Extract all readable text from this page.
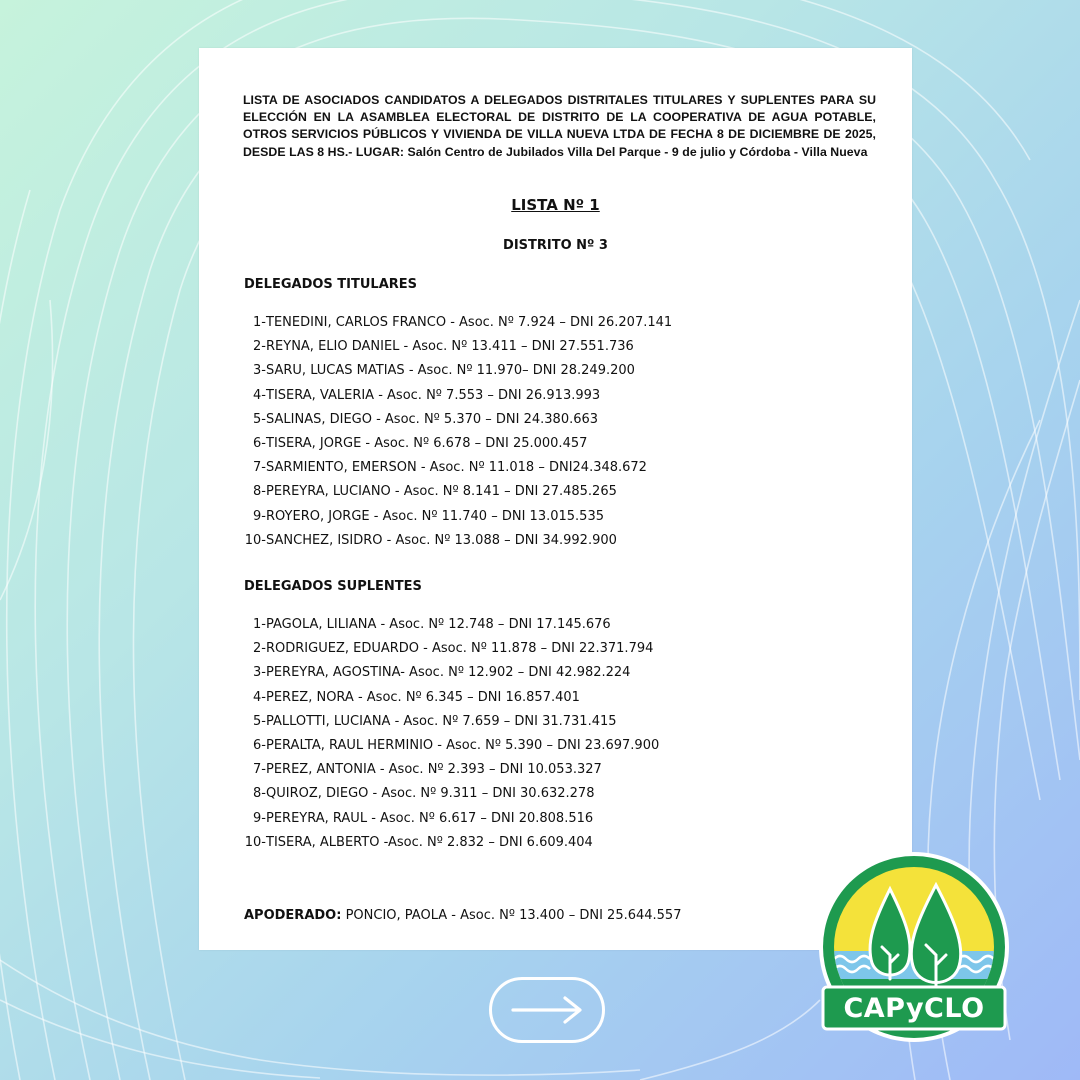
LISTA DE ASOCIADOS CANDIDATOS A DELEGADOS DISTRITALES TITULARES Y SUPLENTES PARA SU ELECCIÓN EN LA ASAMBLEA ELECTORAL DE DISTRITO DE LA COOPERATIVA DE AGUA POTABLE, OTROS SERVICIOS PÚBLICOS Y VIVIENDA DE VILLA NUEVA LTDA DE FECHA 8 DE DICIEMBRE DE 2025, DESDE LAS 8 HS.- LUGAR: Salón Centro de Jubilados Villa Del Parque - 9 de julio y Córdoba - Villa Nueva
LISTA Nº 1
DISTRITO Nº 3
DELEGADOS TITULARES
1- TENEDINI, CARLOS FRANCO - Asoc. Nº 7.924 – DNI 26.207.141
2- REYNA, ELIO DANIEL - Asoc. Nº 13.411 – DNI 27.551.736
3- SARU, LUCAS MATIAS - Asoc. Nº 11.970– DNI 28.249.200
4- TISERA, VALERIA - Asoc. Nº 7.553 – DNI 26.913.993
5- SALINAS, DIEGO - Asoc. Nº 5.370 – DNI 24.380.663
6- TISERA, JORGE - Asoc. Nº 6.678 – DNI 25.000.457
7- SARMIENTO, EMERSON - Asoc. Nº 11.018 – DNI24.348.672
8- PEREYRA, LUCIANO - Asoc. Nº 8.141 – DNI 27.485.265
9- ROYERO, JORGE - Asoc. Nº 11.740 – DNI 13.015.535
10- SANCHEZ, ISIDRO - Asoc. Nº 13.088 – DNI 34.992.900
DELEGADOS SUPLENTES
1- PAGOLA, LILIANA - Asoc. Nº 12.748 – DNI 17.145.676
2- RODRIGUEZ, EDUARDO - Asoc. Nº 11.878 – DNI 22.371.794
3- PEREYRA, AGOSTINA- Asoc. Nº 12.902 – DNI 42.982.224
4- PEREZ, NORA - Asoc. Nº 6.345 – DNI 16.857.401
5- PALLOTTI, LUCIANA - Asoc. Nº 7.659 – DNI 31.731.415
6- PERALTA, RAUL HERMINIO - Asoc. Nº 5.390 – DNI 23.697.900
7- PEREZ, ANTONIA - Asoc. Nº 2.393 – DNI 10.053.327
8- QUIROZ, DIEGO - Asoc. Nº 9.311 – DNI 30.632.278
9- PEREYRA, RAUL - Asoc. Nº 6.617 – DNI 20.808.516
10- TISERA, ALBERTO -Asoc. Nº 2.832 – DNI 6.609.404
APODERADO: PONCIO, PAOLA - Asoc. Nº 13.400 – DNI 25.644.557
CAPyCLO
